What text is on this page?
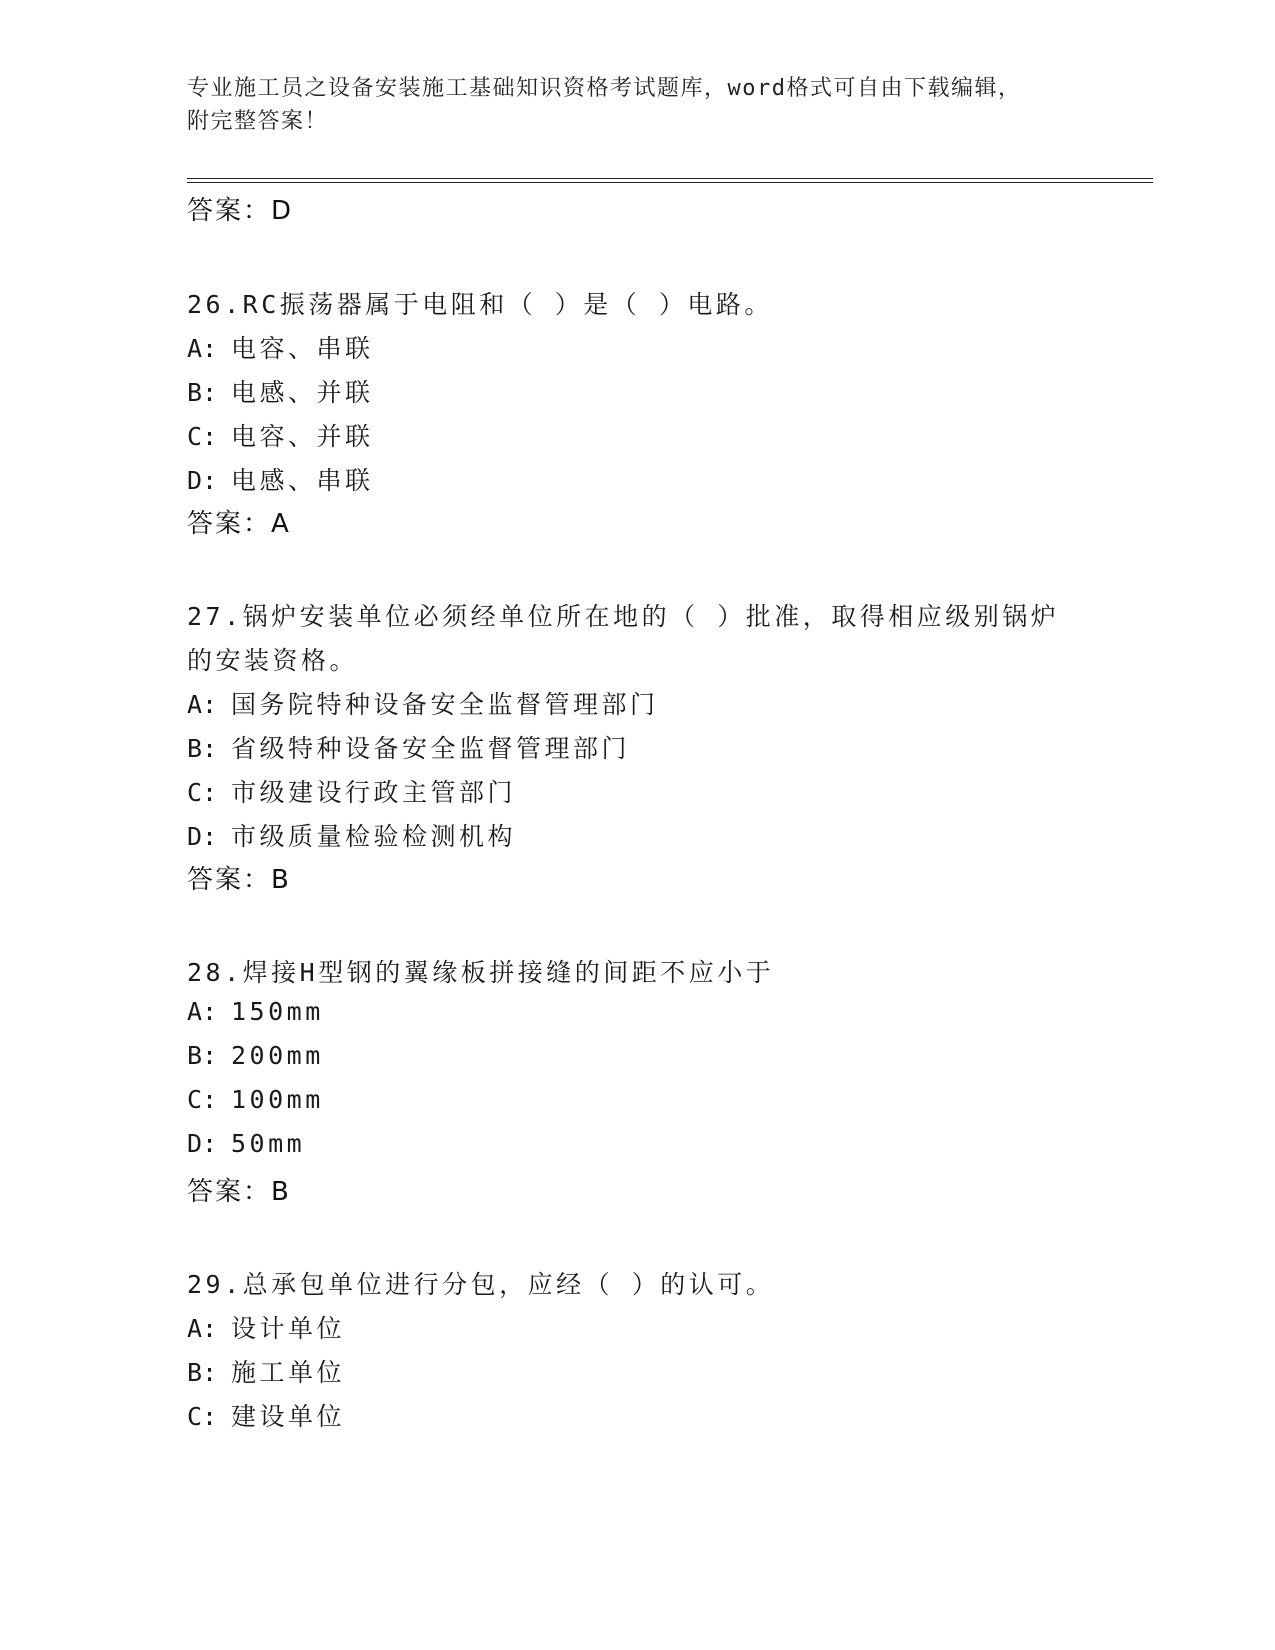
专业施工员之设备安装施工基础知识资格考试题库，word格式可自由下载编辑，
附完整答案！
答案：D
26.RC振荡器属于电阻和（ ）是（ ）电路。
A: 电容、串联
B: 电感、并联
C: 电容、并联
D: 电感、串联
答案：A
27.锅炉安装单位必须经单位所在地的（ ）批准，取得相应级别锅炉
的安装资格。
A: 国务院特种设备安全监督管理部门
B: 省级特种设备安全监督管理部门
C: 市级建设行政主管部门
D: 市级质量检验检测机构
答案：B
28.焊接H型钢的翼缘板拼接缝的间距不应小于
A: 150mm
B: 200mm
C: 100mm
D: 50mm
答案：B
29.总承包单位进行分包，应经（ ）的认可。
A: 设计单位
B: 施工单位
C: 建设单位
